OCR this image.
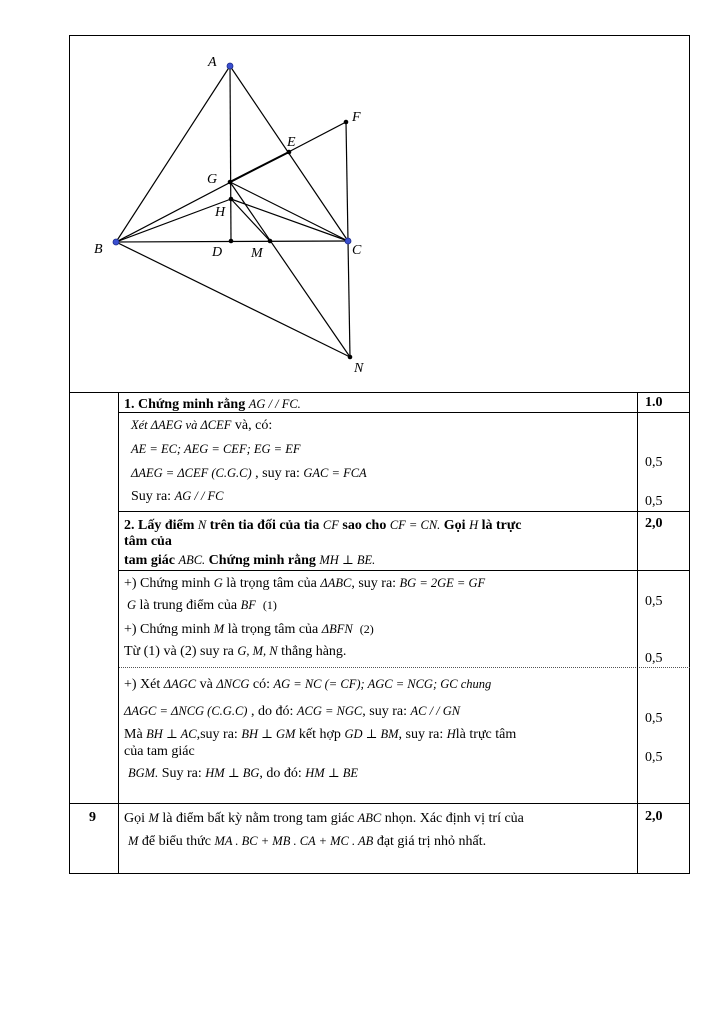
A
B	C
D
E
F
G
H
M
N
1. Chứng minh rằng AG / / FC.	1.0
Xét ΔAEG và ΔCEF và, có:
AE = EC; AEG = CEF; EG = EF
ΔAEG = ΔCEF (C.G.C) , suy ra: GAC = FCA
Suy ra: AG / / FC
0,5
0,5
2. Lấy điểm N trên tia đối của tia CF sao cho CF = CN. Gọi H là trực
tâm của
tam giác ABC. Chứng minh rằng MH ⊥ BE.
2,0
+) Chứng minh G là trọng tâm của ΔABC, suy ra: BG = 2GE = GF
G là trung điểm của BF (1)
+) Chứng minh M là trọng tâm của ΔBFN (2)
Từ (1) và (2) suy ra G, M, N thẳng hàng.
0,5
0,5
+) Xét ΔAGC và ΔNCG có: AG = NC (= CF); AGC = NCG; GC chung
ΔAGC = ΔNCG (C.G.C) , do đó: ACG = NGC, suy ra: AC / / GN
Mà BH ⊥ AC,suy ra: BH ⊥ GM kết hợp GD ⊥ BM, suy ra: Hlà trực tâm
của tam giác
BGM. Suy ra: HM ⊥ BG, do đó: HM ⊥ BE
0,5
0,5
9 Gọi M là điểm bất kỳ nằm trong tam giác ABC nhọn. Xác định vị trí của
M để biểu thức MA . BC + MB . CA + MC . AB đạt giá trị nhỏ nhất.
2,0
